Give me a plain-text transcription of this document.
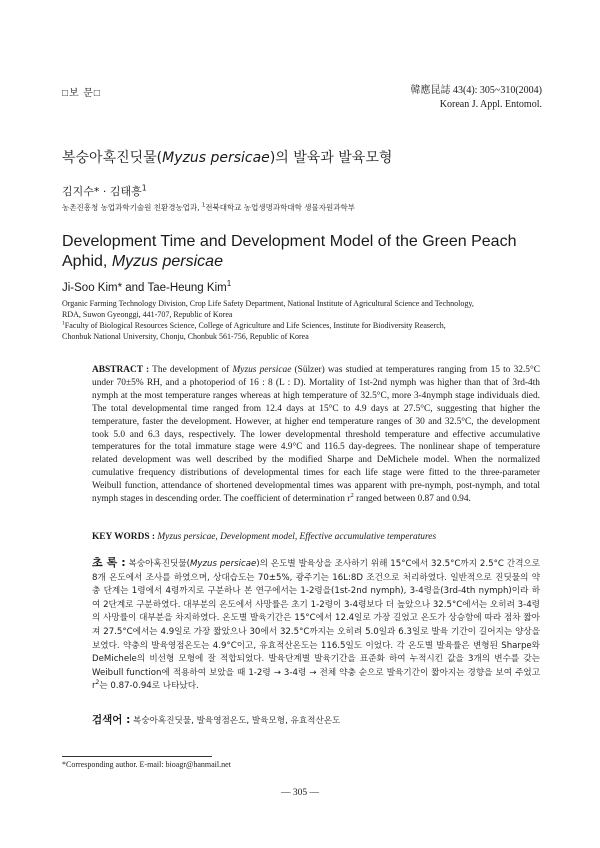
□보 문□	韓應昆誌 43(4): 305~310(2004)
Korean J. Appl. Entomol.
복숭아혹진딧물(Myzus persicae)의 발육과 발육모형
김지수* · 김태흥$^1$
농촌진흥청 농업과학기술원 친환경농업과, $^1$전북대학교 농업생명과학대학 생물자원과학부
Development Time and Development Model of the Green Peach Aphid, Myzus persicae
Ji-Soo Kim* and Tae-Heung Kim$^1$
Organic Farming Technology Division, Crop Life Safety Department, National Institute of Agricultural Science and Technology,
RDA, Suwon Gyeonggi, 441-707, Republic of Korea
$^1$Faculty of Biological Resources Science, College of Agriculture and Life Sciences, Institute for Biodiversity Reaserch,
Chonbuk National University, Chonju, Chonbuk 561-756, Republic of Korea
ABSTRACT : The development of Myzus persicae (Sülzer) was studied at temperatures ranging from 15 to 32.5°C under 70±5% RH, and a photoperiod of 16 : 8 (L : D). Mortality of 1st-2nd nymph was higher than that of 3rd-4th nymph at the most temperature ranges whereas at high temperature of 32.5°C, more 3-4nymph stage individuals died. The total developmental time ranged from 12.4 days at 15°C to 4.9 days at 27.5°C, suggesting that higher the temperature, faster the development. However, at higher end temperature ranges of 30 and 32.5°C, the development took 5.0 and 6.3 days, respectively. The lower developmental threshold temperature and effective accumulative temperatures for the total immature stage were 4.9°C and 116.5 day-degrees. The nonlinear shape of temperature related development was well described by the modified Sharpe and DeMichele model. When the normalized cumulative frequency distributions of developmental times for each life stage were fitted to the three-parameter Weibull function, attendance of shortened developmental times was apparent with pre-nymph, post-nymph, and total nymph stages in descending order. The coefficient of determination $r^2$ ranged between 0.87 and 0.94.
KEY WORDS : Myzus persicae, Development model, Effective accumulative temperatures
초 록 : 복숭아혹진딧물(Myzus persicae)의 온도별 발육상을 조사하기 위해 15°C에서 32.5°C까지 2.5°C 간격으로 8개 온도에서 조사를 하였으며, 상대습도는 70±5%, 광주기는 16L:8D 조건으로 처리하였다. 일반적으로 진딧물의 약충 단계는 1령에서 4령까지로 구분하나 본 연구에서는 1-2령을(1st-2nd nymph), 3-4령을(3rd-4th nymph)이라 하여 2단계로 구분하였다. 대부분의 온도에서 사망률은 초기 1-2령이 3-4령보다 더 높았으나 32.5°C에서는 오히려 3-4령의 사망률이 대부분을 차지하였다. 온도별 발육기간은 15°C에서 12.4일로 가장 길었고 온도가 상승함에 따라 점차 짧아져 27.5°C에서는 4.9일로 가장 짧았으나 30에서 32.5°C까지는 오히려 5.0일과 6.3일로 발육 기간이 길어지는 양상을 보였다. 약충의 발육영점온도는 4.9°C이고, 유효적산온도는 116.5일도 이었다. 각 온도별 발육률은 변형된 Sharpe와 DeMichele의 비선형 모형에 잘 적합되었다. 발육단계별 발육기간을 표준화 하여 누적시킨 값을 3개의 변수를 갖는 Weibull function에 적용하여 보았을 때 1-2령 → 3-4령 → 전체 약충 순으로 발육기간이 짧아지는 경향을 보여 주었고 $r^2$는 0.87-0.94로 나타났다.
검색어 : 복숭아혹진딧물, 발육영점온도, 발육모형, 유효적산온도
*Corresponding author. E-mail: bioagr@hanmail.net
— 305 —
